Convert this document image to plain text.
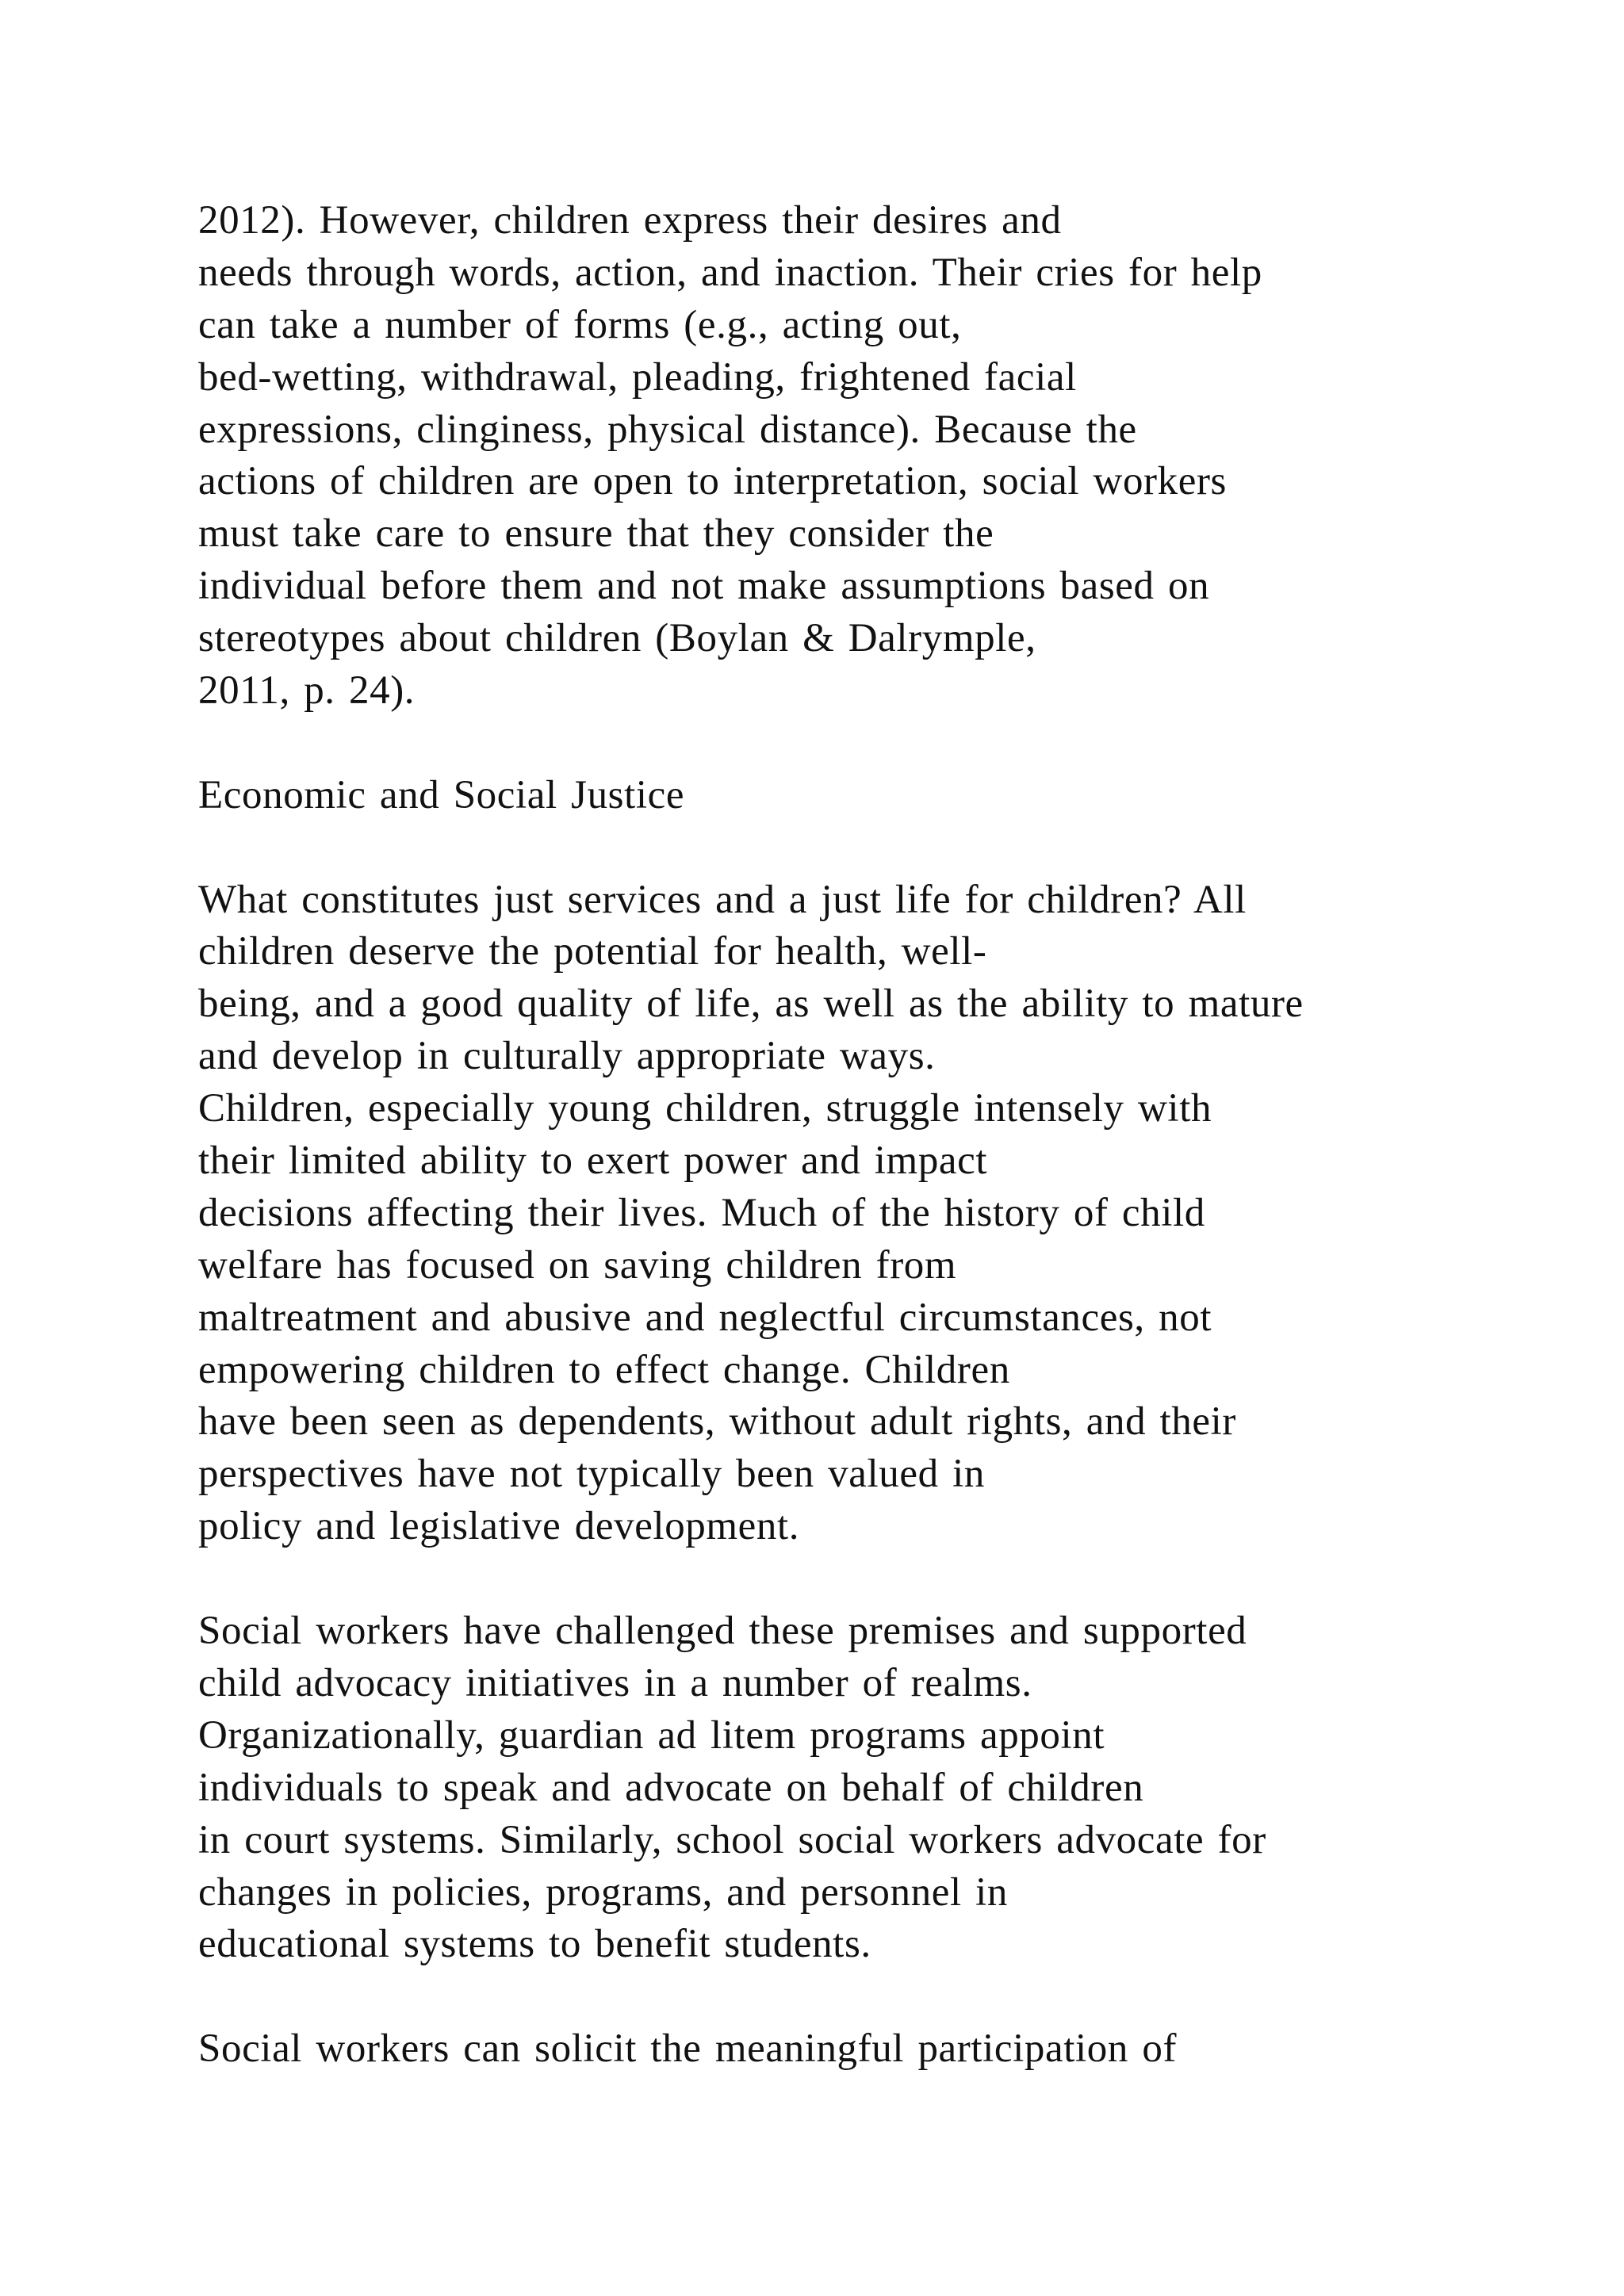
2012). However, children express their desires and
needs through words, action, and inaction. Their cries for help
can take a number of forms (e.g., acting out,
bed-wetting, withdrawal, pleading, frightened facial
expressions, clinginess, physical distance). Because the
actions of children are open to interpretation, social workers
must take care to ensure that they consider the
individual before them and not make assumptions based on
stereotypes about children (Boylan & Dalrymple,
2011, p. 24).
Economic and Social Justice
What constitutes just services and a just life for children? All
children deserve the potential for health, well-
being, and a good quality of life, as well as the ability to mature
and develop in culturally appropriate ways.
Children, especially young children, struggle intensely with
their limited ability to exert power and impact
decisions affecting their lives. Much of the history of child
welfare has focused on saving children from
maltreatment and abusive and neglectful circumstances, not
empowering children to effect change. Children
have been seen as dependents, without adult rights, and their
perspectives have not typically been valued in
policy and legislative development.
Social workers have challenged these premises and supported
child advocacy initiatives in a number of realms.
Organizationally, guardian ad litem programs appoint
individuals to speak and advocate on behalf of children
in court systems. Similarly, school social workers advocate for
changes in policies, programs, and personnel in
educational systems to benefit students.
Social workers can solicit the meaningful participation of
